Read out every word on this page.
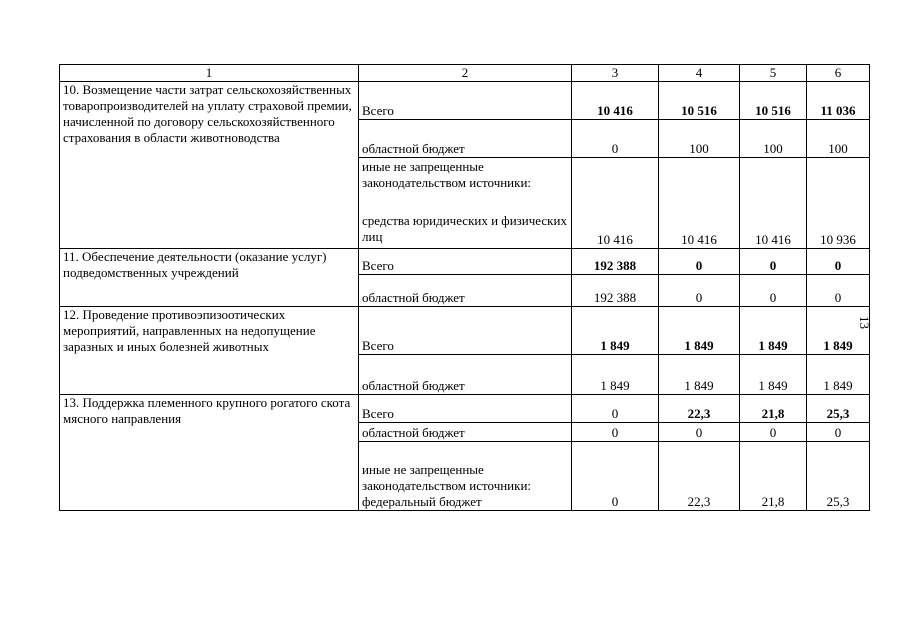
1	2	3	4	5	6
10. Возмещение части затрат сельскохозяйственных товаропроизводителей на уплату страховой премии, начисленной по договору сельскохозяйственного страхования в области животноводства	Всего	10 416	10 516	10 516	11 036
	областной бюджет	0	100	100	100

	иные не запрещенные законодательством источники:
средства юридических и физических лиц	10 416	10 416	10 416	10 936
11. Обеспечение деятельности (оказание услуг) подведомственных учреждений	Всего	192 388	0	0	0
	областной бюджет	192 388	0	0	0
12. Проведение противоэпизоотических мероприятий, направленных на недопущение заразных и иных болезней животных	Всего	1 849	1 849	1 849	1 849
	областной бюджет	1 849	1 849	1 849	1 849
13. Поддержка племенного крупного рогатого скота мясного направления	Всего	0	22,3	21,8	25,3
	областной бюджет	0	0	0	0

	иные не запрещенные законодательством источники:
федеральный бюджет	0	22,3	21,8	25,3
13
